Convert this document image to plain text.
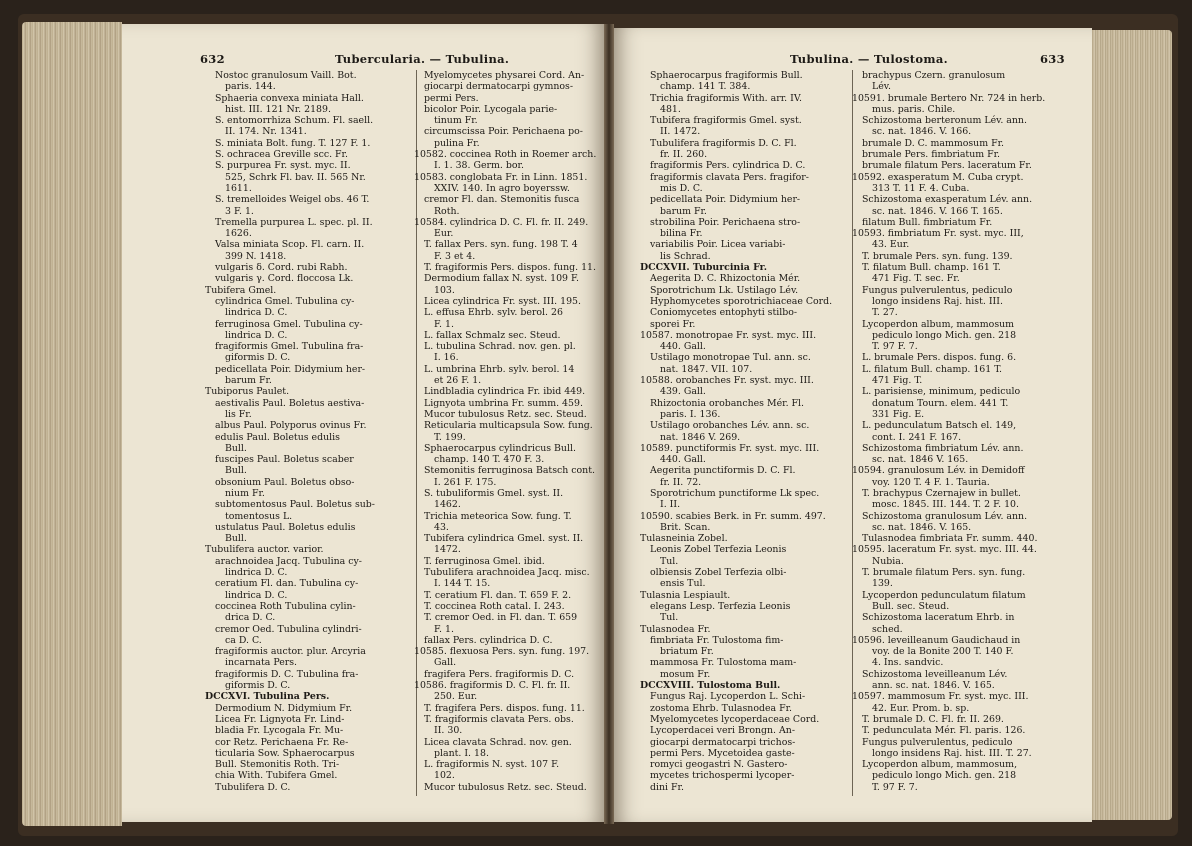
632	Tuberculariа. — Tubulina.	Tubulina. — Tulostoma.	633
Nostoc granulosum Vaill. Bot.
paris. 144.
Sphaeria convexa miniata Hall.
hist. III. 121 Nr. 2189.
S. entomorrhiza Schum. Fl. saell.
II. 174. Nr. 1341.
S. miniata Bolt. fung. T. 127 F. 1.
S. ochracea Greville scc. Fr.
S. purpurea Fr. syst. myc. II.
525, Schrk Fl. bav. II. 565 Nr.
1611.
S. tremelloides Weigel obs. 46 T.
3 F. 1.
Tremella purpurea L. spec. pl. II.
1626.
Valsa miniata Scop. Fl. carn. II.
399 N. 1418.
vulgaris δ. Cord. rubi Rabh.
vulgaris γ. Cord. floccosa Lk.
Tubifera Gmel.
cylindrica Gmel. Tubulina cy-
lindrica D. C.
ferruginosa Gmel. Tubulina cy-
lindrica D. C.
fragiformis Gmel. Tubulina fra-
giformis D. C.
pedicellata Poir. Didymium her-
barum Fr.
Tubiporus Paulet.
aestivalis Paul. Boletus aestiva-
lis Fr.
albus Paul. Polyporus ovinus Fr.
edulis Paul. Boletus edulis
Bull.
fuscipes Paul. Boletus scaber
Bull.
obsonium Paul. Boletus obso-
nium Fr.
subtomentosus Paul. Boletus sub-
tomentosus L.
ustulatus Paul. Boletus edulis
Bull.
Tubulifera auctor. varior.
arachnoidea Jacq. Tubulina cy-
lindrica D. C.
ceratium Fl. dan. Tubulina cy-
lindrica D. C.
coccinea Roth Tubulina cylin-
drica D. C.
cremor Oed. Tubulina cylindri-
ca D. C.
fragiformis auctor. plur. Arcyria
incarnata Pers.
fragiformis D. C. Tubulina fra-
giformis D. C.
DCCXVI. Tubulina Pers.
Dermodium N. Didymium Fr.
Licea Fr. Lignyota Fr. Lind-
bladia Fr. Lycogala Fr. Mu-
cor Retz. Perichaena Fr. Re-
ticularia Sow. Sphaerocarpus
Bull. Stemonitis Roth. Tri-
chia With. Tubifera Gmel.
Tubulifera D. C.
Myelomycetes physarei Cord. An-
giocarpi dermatocarpi gymnos-
permi Pers.
bicolor Poir. Lycogala parie-
tinum Fr.
circumscissa Poir. Perichaena po-
pulina Fr.
10582. coccinea Roth in Roemer arch.
I. 1. 38. Germ. bor.
10583. conglobata Fr. in Linn. 1851.
XXIV. 140. In agro boyerssw.
cremor Fl. dan. Stemonitis fusca
Roth.
10584. cylindrica D. C. Fl. fr. II. 249.
Eur.
T. fallax Pers. syn. fung. 198 T. 4
F. 3 et 4.
T. fragiformis Pers. dispos. fung. 11.
Dermodium fallax N. syst. 109 F.
103.
Licea cylindrica Fr. syst. III. 195.
L. effusa Ehrb. sylv. berol. 26
F. 1.
L. fallax Schmalz sec. Steud.
L. tubulina Schrad. nov. gen. pl.
I. 16.
L. umbrina Ehrb. sylv. berol. 14
et 26 F. 1.
Lindbladia cylindrica Fr. ibid 449.
Lignyota umbrina Fr. summ. 459.
Mucor tubulosus Retz. sec. Steud.
Reticularia multicapsula Sow. fung.
T. 199.
Sphaerocarpus cylindricus Bull.
champ. 140 T. 470 F. 3.
Stemonitis ferruginosa Batsch cont.
I. 261 F. 175.
S. tubuliformis Gmel. syst. II.
1462.
Trichia meteorica Sow. fung. T.
43.
Tubifera cylindrica Gmel. syst. II.
1472.
T. ferruginosa Gmel. ibid.
Tubulifera arachnoidea Jacq. misc.
I. 144 T. 15.
T. ceratium Fl. dan. T. 659 F. 2.
T. coccinea Roth catal. I. 243.
T. cremor Oed. in Fl. dan. T. 659
F. 1.
fallax Pers. cylindrica D. C.
10585. flexuosa Pers. syn. fung. 197.
Gall.
fragifera Pers. fragiformis D. C.
10586. fragiformis D. C. Fl. fr. II.
250. Eur.
T. fragifera Pers. dispos. fung. 11.
T. fragiformis clavata Pers. obs.
II. 30.
Licea clavata Schrad. nov. gen.
plant. I. 18.
L. fragiformis N. syst. 107 F.
102.
Mucor tubulosus Retz. sec. Steud.
Sphaerocarpus fragiformis Bull.
champ. 141 T. 384.
Trichia fragiformis With. arr. IV.
481.
Tubifera fragiformis Gmel. syst.
II. 1472.
Tubulifera fragiformis D. C. Fl.
fr. II. 260.
fragiformis Pers. cylindrica D. C.
fragiformis clavata Pers. fragifor-
mis D. C.
pedicellata Poir. Didymium her-
barum Fr.
strobilina Poir. Perichaena stro-
bilina Fr.
variabilis Poir. Licea variabi-
lis Schrad.
DCCXVII. Tuburcinia Fr.
Aegerita D. C. Rhizoctonia Mér.
Sporotrichum Lk. Ustilago Lév.
Hyphomycetes sporotrichiaceae Cord.
Coniomycetes entophyti stilbo-
sporei Fr.
10587. monotropae Fr. syst. myc. III.
440. Gall.
Ustilago monotropae Tul. ann. sc.
nat. 1847. VII. 107.
10588. orobanches Fr. syst. myc. III.
439. Gall.
Rhizoctonia orobanches Mér. Fl.
paris. I. 136.
Ustilago orobanches Lév. ann. sc.
nat. 1846 V. 269.
10589. punctiformis Fr. syst. myc. III.
440. Gall.
Aegerita punctiformis D. C. Fl.
fr. II. 72.
Sporotrichum punctiforme Lk spec.
I. II.
10590. scabies Berk. in Fr. summ. 497.
Brit. Scan.
Tulasneinia Zobel.
Leonis Zobel Terfezia Leonis
Tul.
olbiensis Zobel Terfezia olbi-
ensis Tul.
Tulasnia Lespiault.
elegans Lesp. Terfezia Leonis
Tul.
Tulasnodea Fr.
fimbriata Fr. Tulostoma fim-
briatum Fr.
mammosa Fr. Tulostoma mam-
mosum Fr.
DCCXVIII. Tulostoma Bull.
Fungus Raj. Lycoperdon L. Schi-
zostoma Ehrb. Tulasnodea Fr.
Myelomycetes lycoperdaceae Cord.
Lycoperdacei veri Brongn. An-
giocarpi dermatocarpi trichos-
permi Pers. Mycetoidea gaste-
romyci geogastri N. Gastero-
mycetes trichospermi lycoper-
dini Fr.
brachypus Czern. granulosum
Lév.
10591. brumale Bertero Nr. 724 in herb.
mus. paris. Chile.
Schizostoma berteronum Lév. ann.
sc. nat. 1846. V. 166.
brumale D. C. mammosum Fr.
brumale Pers. fimbriatum Fr.
brumale filatum Pers. laceratum Fr.
10592. exasperatum M. Cuba crypt.
313 T. 11 F. 4. Cuba.
Schizostoma exasperatum Lév. ann.
sc. nat. 1846. V. 166 T. 165.
filatum Bull. fimbriatum Fr.
10593. fimbriatum Fr. syst. myc. III,
43. Eur.
T. brumale Pers. syn. fung. 139.
T. filatum Bull. champ. 161 T.
471 Fig. T. sec. Fr.
Fungus pulverulentus, pediculo
longo insidens Raj. hist. III.
T. 27.
Lycoperdon album, mammosum
pediculo longo Mich. gen. 218
T. 97 F. 7.
L. brumale Pers. dispos. fung. 6.
L. filatum Bull. champ. 161 T.
471 Fig. T.
L. parisiense, minimum, pediculo
donatum Tourn. elem. 441 T.
331 Fig. E.
L. pedunculatum Batsch el. 149,
cont. I. 241 F. 167.
Schizostoma fimbriatum Lév. ann.
sc. nat. 1846 V. 165.
10594. granulosum Lév. in Demidoff
voy. 120 T. 4 F. 1. Tauria.
T. brachypus Czernajew in bullet.
mosc. 1845. III. 144. T. 2 F. 10.
Schizostoma granulosum Lév. ann.
sc. nat. 1846. V. 165.
Tulasnodea fimbriata Fr. summ. 440.
10595. laceratum Fr. syst. myc. III. 44.
Nubia.
T. brumale filatum Pers. syn. fung.
139.
Lycoperdon pedunculatum filatum
Bull. sec. Steud.
Schizostoma laceratum Ehrb. in
sched.
10596. leveilleanum Gaudichaud in
voy. de la Bonite 200 T. 140 F.
4. Ins. sandvic.
Schizostoma leveilleanum Lév.
ann. sc. nat. 1846. V. 165.
10597. mammosum Fr. syst. myc. III.
42. Eur. Prom. b. sp.
T. brumale D. C. Fl. fr. II. 269.
T. pedunculata Mér. Fl. paris. 126.
Fungus pulverulentus, pediculo
longo insidens Raj. hist. III. T. 27.
Lycoperdon album, mammosum,
pediculo longo Mich. gen. 218
T. 97 F. 7.
